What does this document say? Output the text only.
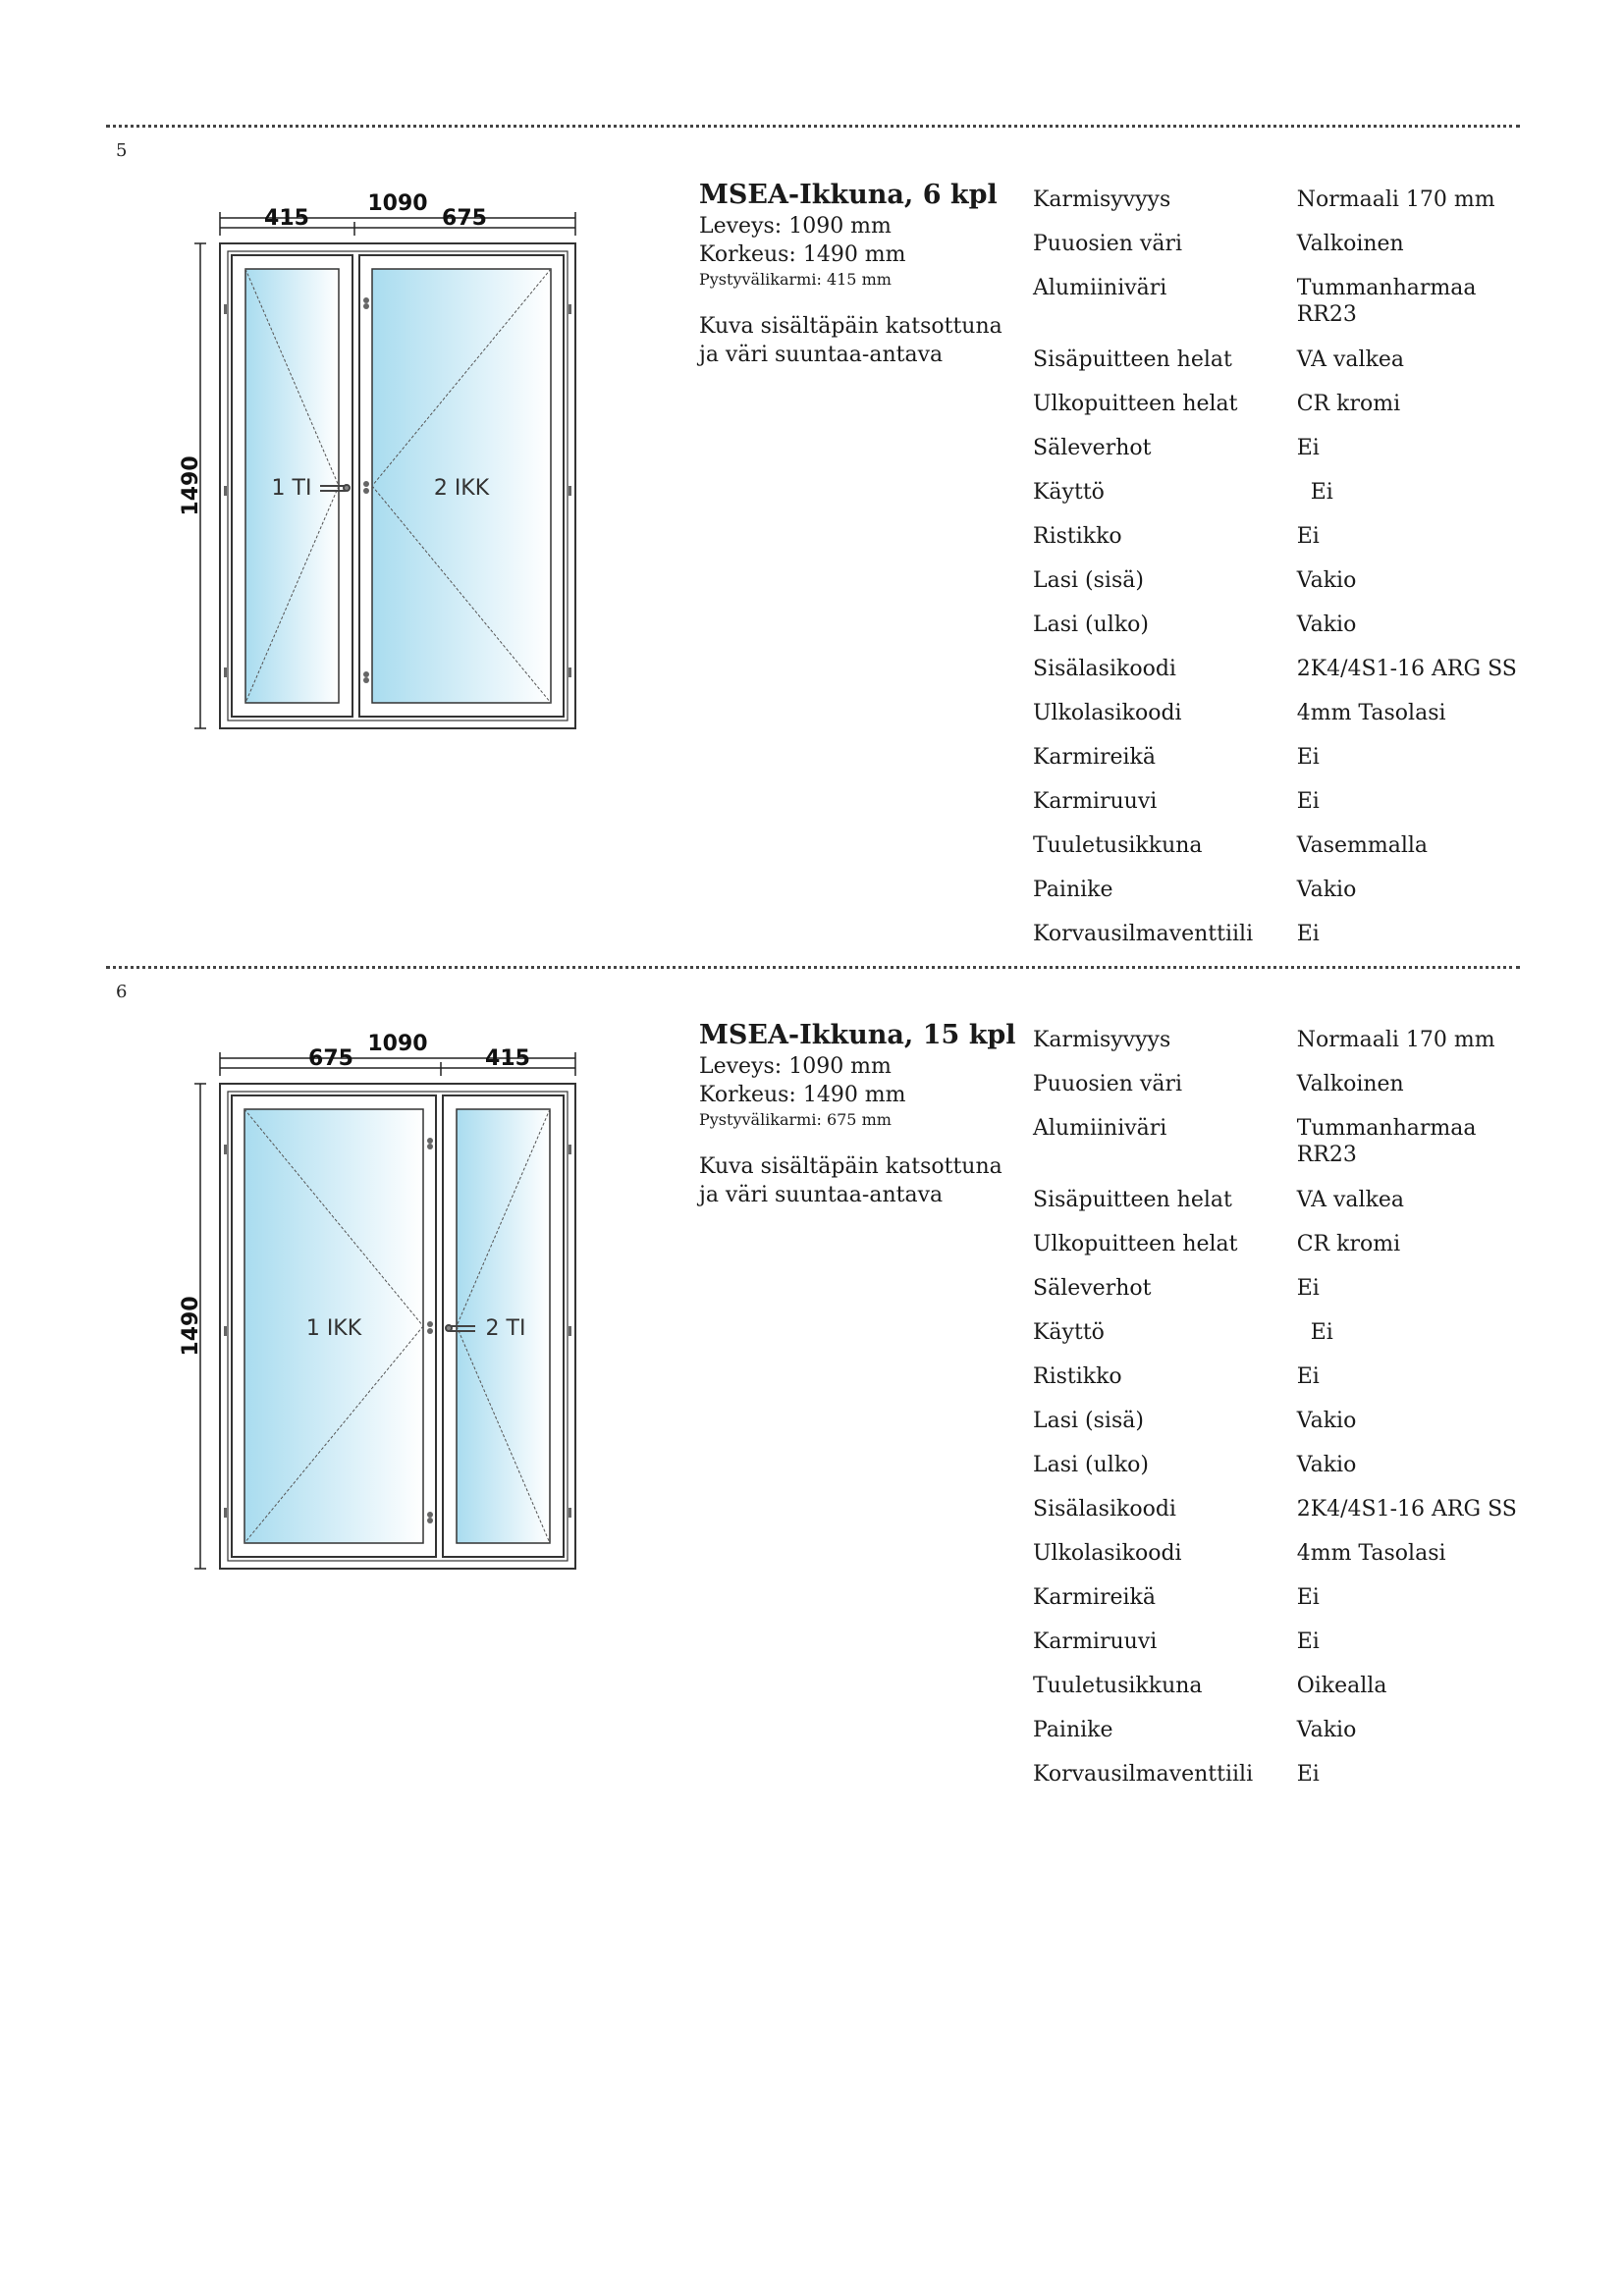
5
1090
415	675
1490	1 TI	2 IKK
MSEA-Ikkuna, 6 kpl
Leveys: 1090 mm
Korkeus: 1490 mm
Pystyvälikarmi: 415 mm
Kuva sisältäpäin katsottuna
ja väri suuntaa-antava
Karmisyvyys	Normaali 170 mm
Puuosien väri	Valkoinen
Alumiiniväri	Tummanharmaa RR23
Sisäpuitteen helat	VA valkea
Ulkopuitteen helat	CR kromi
Säleverhot	Ei
Käyttö	Ei
Ristikko	Ei
Lasi (sisä)	Vakio
Lasi (ulko)	Vakio
Sisälasikoodi	2K4/4S1-16 ARG SS
Ulkolasikoodi	4mm Tasolasi
Karmireikä	Ei
Karmiruuvi	Ei
Tuuletusikkuna	Vasemmalla
Painike	Vakio
Korvausilmaventtiili	Ei
6
1090
675	415
1490	1 IKK	2 TI
MSEA-Ikkuna, 15 kpl
Leveys: 1090 mm
Korkeus: 1490 mm
Pystyvälikarmi: 675 mm
Kuva sisältäpäin katsottuna
ja väri suuntaa-antava
Karmisyvyys	Normaali 170 mm
Puuosien väri	Valkoinen
Alumiiniväri	Tummanharmaa RR23
Sisäpuitteen helat	VA valkea
Ulkopuitteen helat	CR kromi
Säleverhot	Ei
Käyttö	Ei
Ristikko	Ei
Lasi (sisä)	Vakio
Lasi (ulko)	Vakio
Sisälasikoodi	2K4/4S1-16 ARG SS
Ulkolasikoodi	4mm Tasolasi
Karmireikä	Ei
Karmiruuvi	Ei
Tuuletusikkuna	Oikealla
Painike	Vakio
Korvausilmaventtiili	Ei
